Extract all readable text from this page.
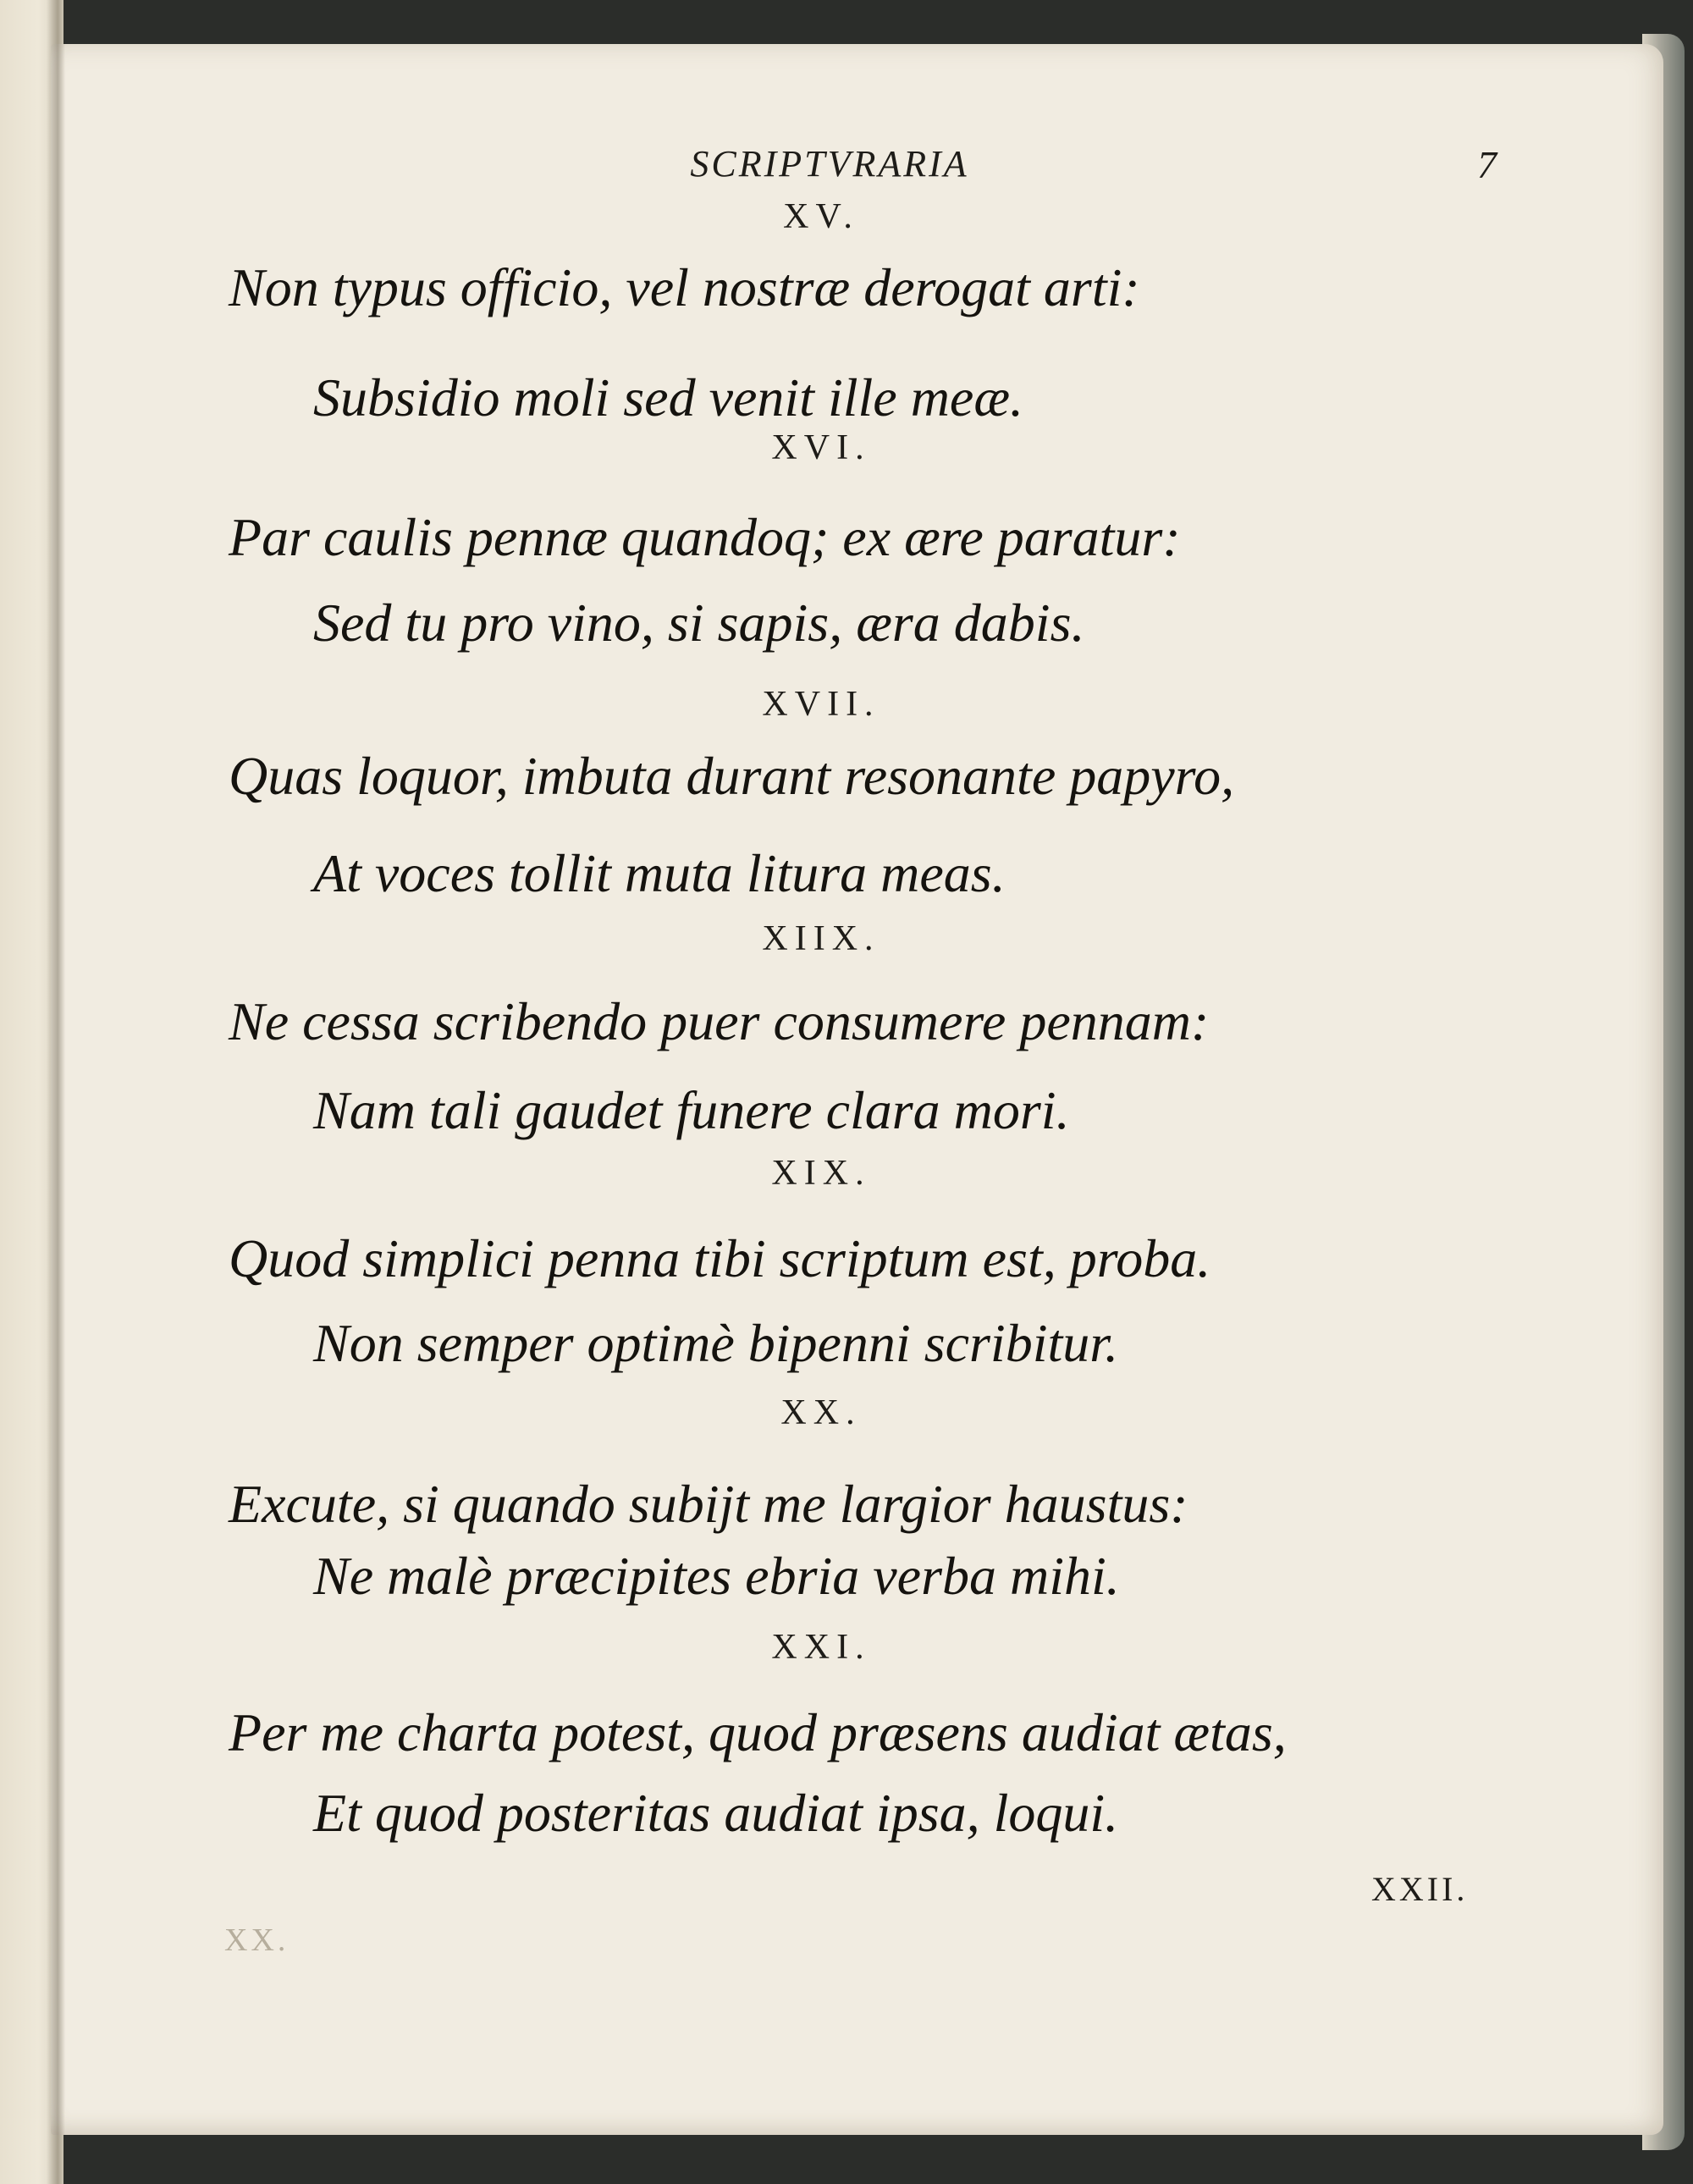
SCRIPTVRARIA	7
XV.
Non typus officio, vel nostræ derogat arti:
Subsidio moli sed venit ille meæ.
XVI.
Par caulis pennæ quandoq; ex ære paratur:
Sed tu pro vino, si sapis, æra dabis.
XVII.
Quas loquor, imbuta durant resonante papyro,
At voces tollit muta litura meas.
XIIX.
Ne cessa scribendo puer consumere pennam:
Nam tali gaudet funere clara mori.
XIX.
Quod simplici penna tibi scriptum est, proba.
Non semper optimè bipenni scribitur.
XX.
Excute, si quando subijt me largior haustus:
Ne malè præcipites ebria verba mihi.
XXI.
Per me charta potest, quod præsens audiat ætas,
Et quod posteritas audiat ipsa, loqui.
XXII.
XX.
